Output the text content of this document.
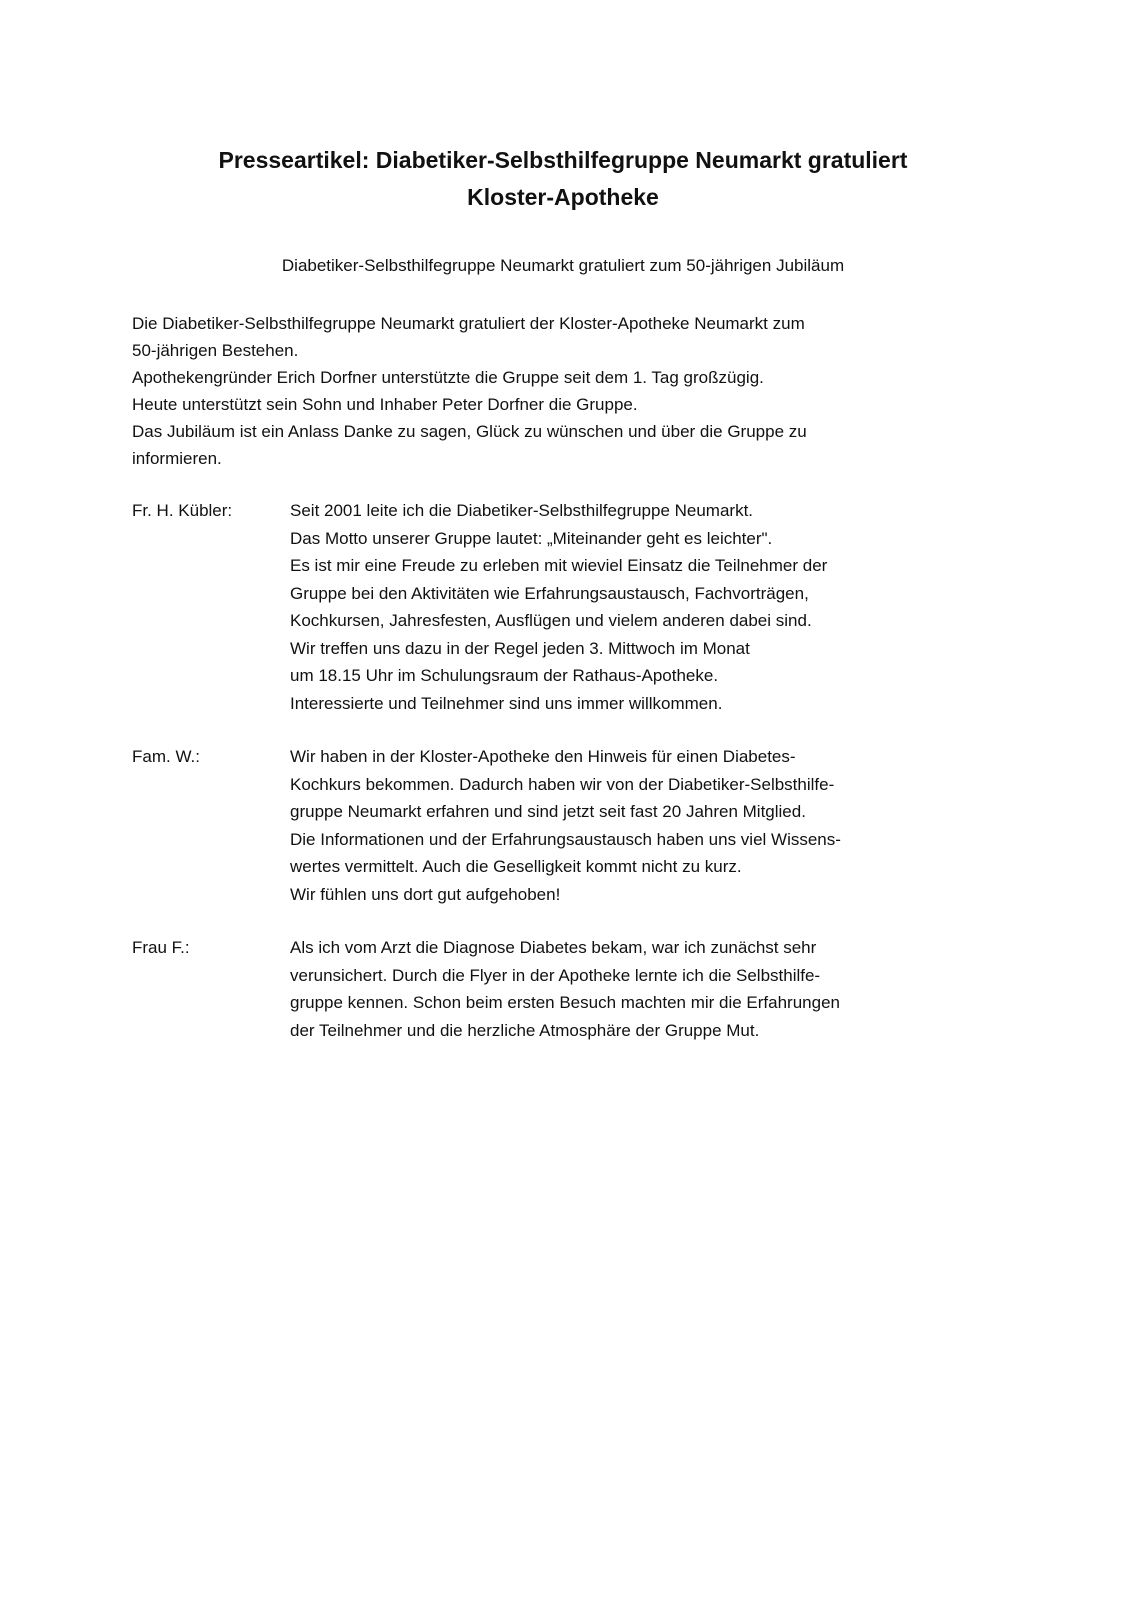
Presseartikel: Diabetiker-Selbsthilfegruppe Neumarkt gratuliert
Kloster-Apotheke

Diabetiker-Selbsthilfegruppe Neumarkt gratuliert zum 50-jährigen Jubiläum

Die Diabetiker-Selbsthilfegruppe Neumarkt gratuliert der Kloster-Apotheke Neumarkt zum
50-jährigen Bestehen.
Apothekengründer Erich Dorfner unterstützte die Gruppe seit dem 1. Tag großzügig.
Heute unterstützt sein Sohn und Inhaber Peter Dorfner die Gruppe.
Das Jubiläum ist ein Anlass Danke zu sagen, Glück zu wünschen und über die Gruppe zu
informieren.

Fr. H. Kübler:	Seit 2001 leite ich die Diabetiker-Selbsthilfegruppe Neumarkt.
Das Motto unserer Gruppe lautet: „Miteinander geht es leichter".
Es ist mir eine Freude zu erleben mit wieviel Einsatz die Teilnehmer der
Gruppe bei den Aktivitäten wie Erfahrungsaustausch, Fachvorträgen,
Kochkursen, Jahresfesten, Ausflügen und vielem anderen dabei sind.
Wir treffen uns dazu in der Regel jeden 3. Mittwoch im Monat
um 18.15 Uhr im Schulungsraum der Rathaus-Apotheke.
Interessierte und Teilnehmer sind uns immer willkommen.
Fam. W.:	Wir haben in der Kloster-Apotheke den Hinweis für einen Diabetes-
Kochkurs bekommen. Dadurch haben wir von der Diabetiker-Selbsthilfe-
gruppe Neumarkt erfahren und sind jetzt seit fast 20 Jahren Mitglied.
Die Informationen und der Erfahrungsaustausch haben uns viel Wissens-
wertes vermittelt. Auch die Geselligkeit kommt nicht zu kurz.
Wir fühlen uns dort gut aufgehoben!
Frau F.:	Als ich vom Arzt die Diagnose Diabetes bekam, war ich zunächst sehr
verunsichert. Durch die Flyer in der Apotheke lernte ich die Selbsthilfe-
gruppe kennen. Schon beim ersten Besuch machten mir die Erfahrungen
der Teilnehmer und die herzliche Atmosphäre der Gruppe Mut.
